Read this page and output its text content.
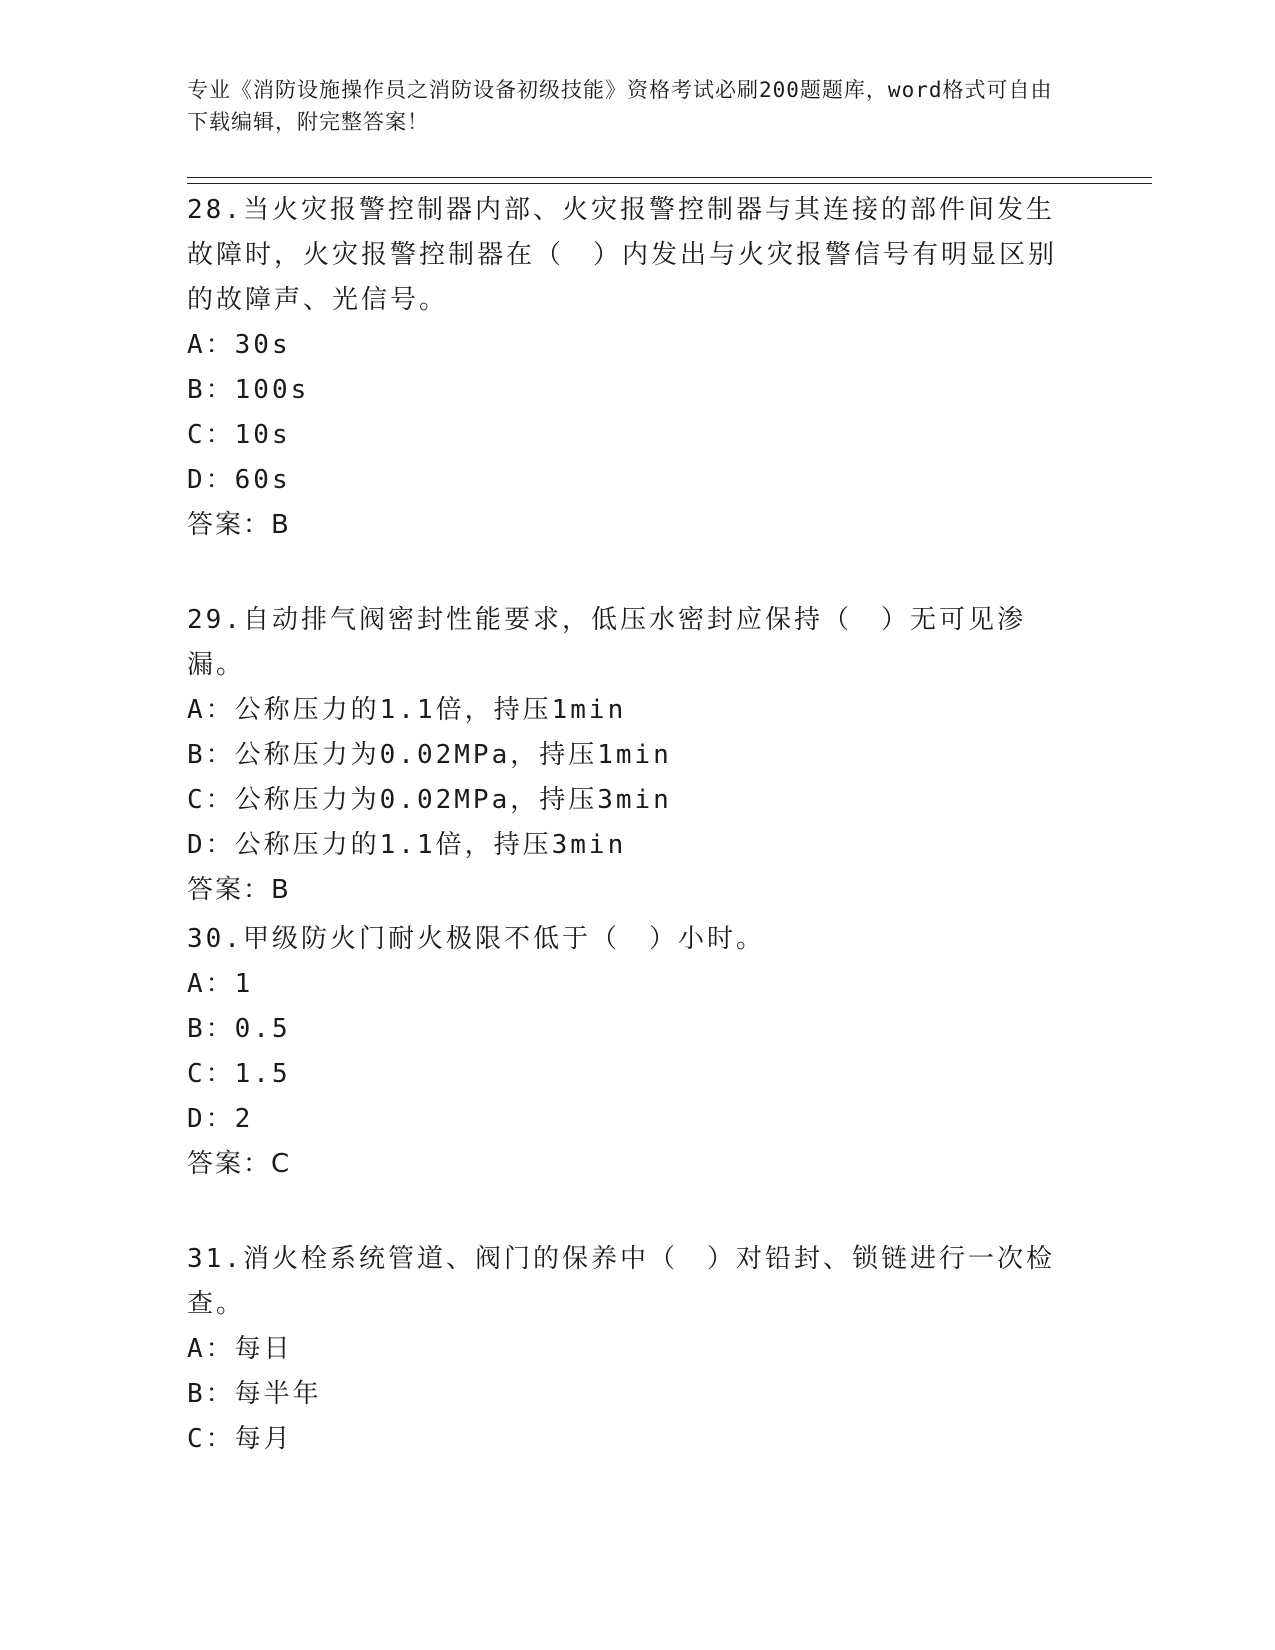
专业《消防设施操作员之消防设备初级技能》资格考试必刷200题题库，word格式可自由下载编辑，附完整答案！
28.当火灾报警控制器内部、火灾报警控制器与其连接的部件间发生故障时，火灾报警控制器在（　）内发出与火灾报警信号有明显区别的故障声、光信号。
A：30s
B：100s
C：10s
D：60s
答案：B
29.自动排气阀密封性能要求，低压水密封应保持（　）无可见渗漏。
A：公称压力的1.1倍，持压1min
B：公称压力为0.02MPa，持压1min
C：公称压力为0.02MPa，持压3min
D：公称压力的1.1倍，持压3min
答案：B
30.甲级防火门耐火极限不低于（　）小时。
A：1
B：0.5
C：1.5
D：2
答案：C
31.消火栓系统管道、阀门的保养中（　）对铅封、锁链进行一次检查。
A：每日
B：每半年
C：每月
